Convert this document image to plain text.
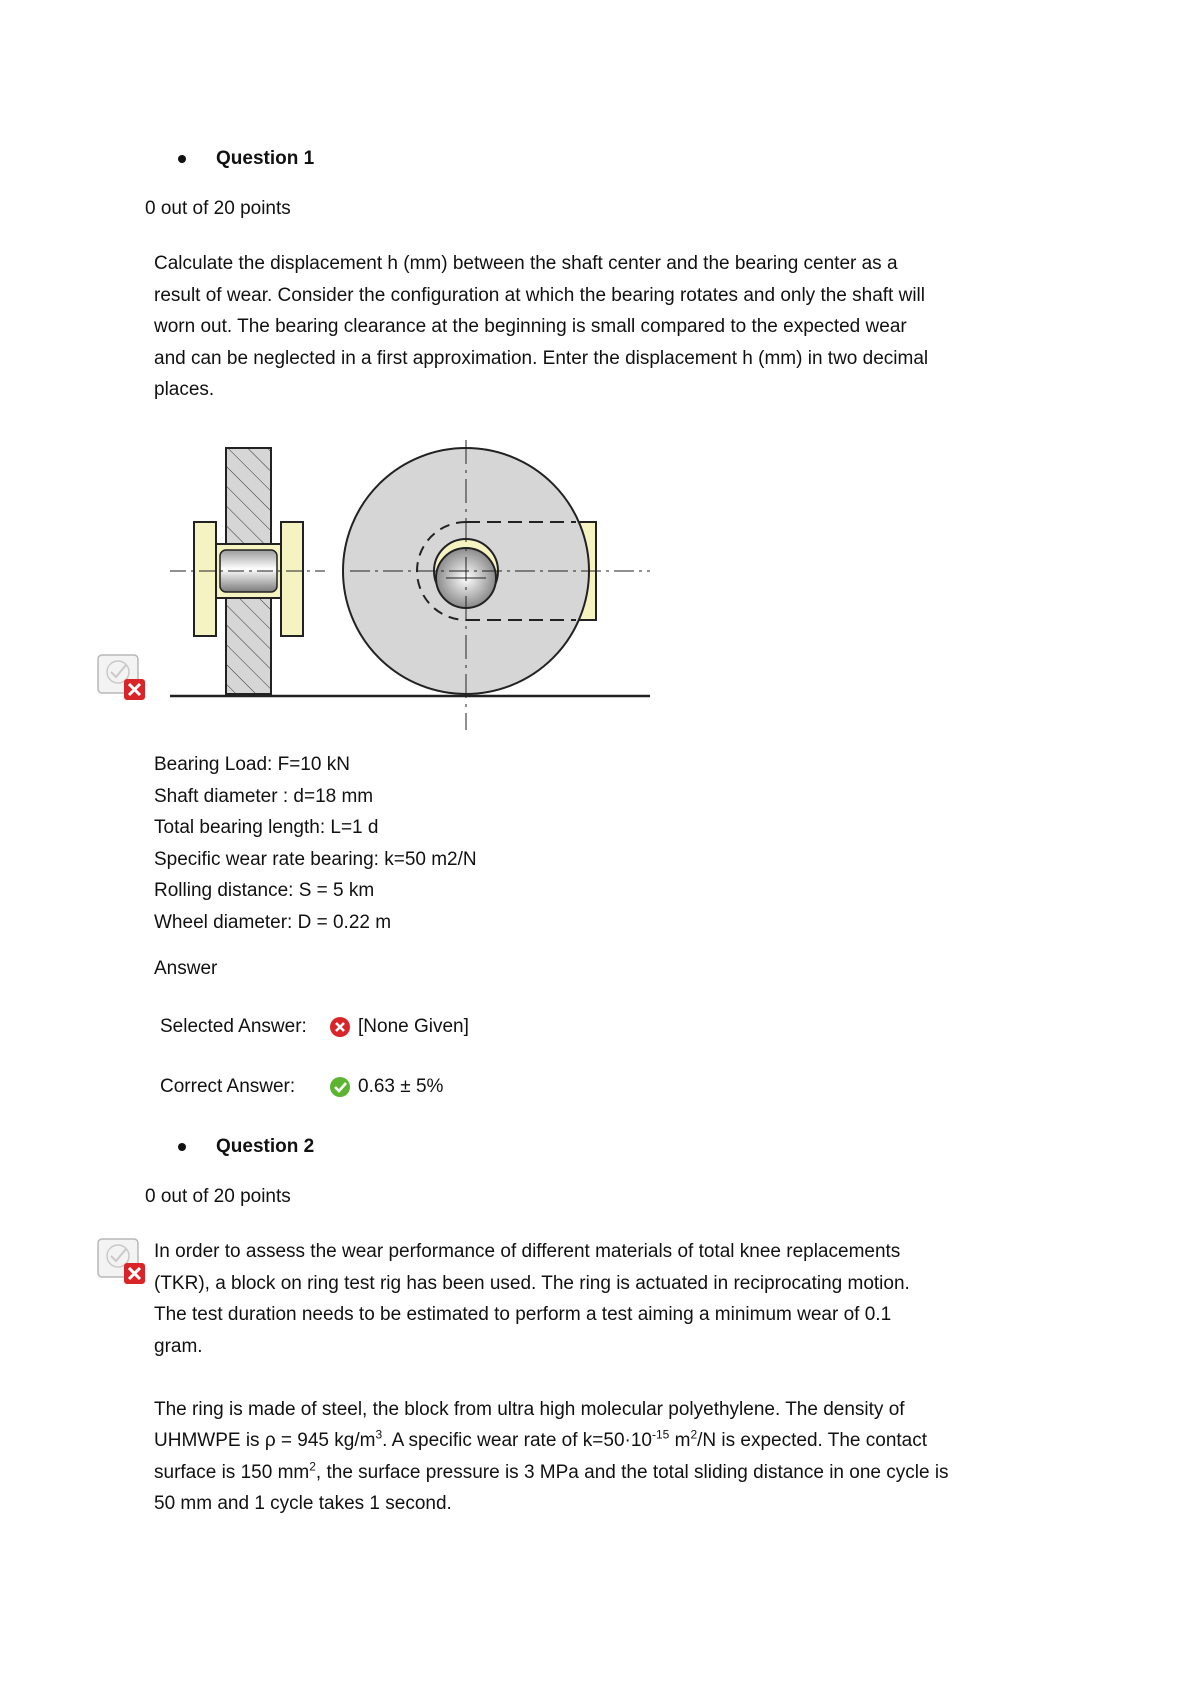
Question 1
0 out of 20 points
Calculate the displacement h (mm) between the shaft center and the bearing center as a
result of wear. Consider the configuration at which the bearing rotates and only the shaft will
worn out. The bearing clearance at the beginning is small compared to the expected wear
and can be neglected in a first approximation. Enter the displacement h (mm) in two decimal
places.
Bearing Load: F=10 kN
Shaft diameter : d=18 mm
Total bearing length: L=1 d
Specific wear rate bearing: k=50 m2/N
Rolling distance: S = 5 km
Wheel diameter: D = 0.22 m
Answer
Selected Answer:	[None Given]
Correct Answer:	0.63 ± 5%
Question 2
0 out of 20 points
In order to assess the wear performance of different materials of total knee replacements
(TKR), a block on ring test rig has been used. The ring is actuated in reciprocating motion.
The test duration needs to be estimated to perform a test aiming a minimum wear of 0.1
gram.
The ring is made of steel, the block from ultra high molecular polyethylene. The density of
UHMWPE is ρ = 945 $kg/m^3$. A specific wear rate of $k=50\cdot 10^{-15}$ $m^2/N$ is expected. The contact
surface is 150 $mm^2$, the surface pressure is 3 MPa and the total sliding distance in one cycle is
50 mm and 1 cycle takes 1 second.
